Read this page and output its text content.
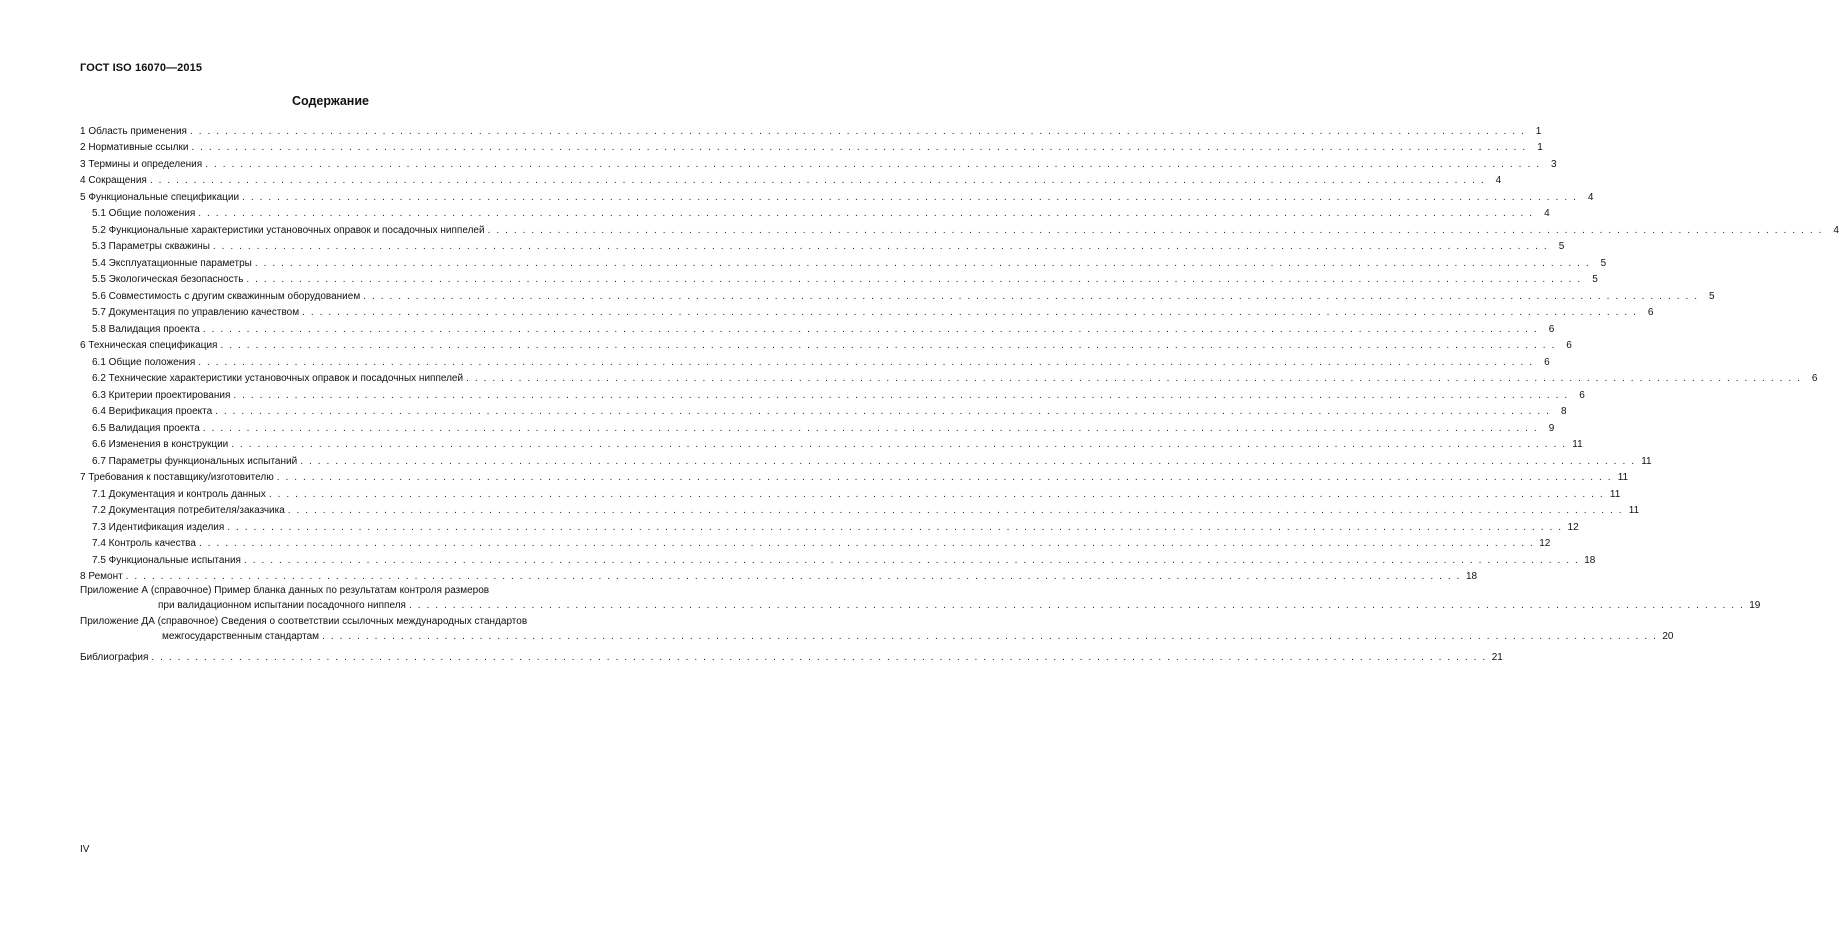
ГОСТ ISO 16070—2015
Содержание
1 Область применения . . . . . . . . . . . . . . . . . . . . . . . . . . . . . . . . . . . . . . . . . . . . . . . . . . . . . . . . . . . . . . . . . . . . . . . . . . . . . . . . . . . . . . . . . . . . . . . . . . . . . . . . . . . . . . . . . . . . . . . . . . . . . . . . . . . . . . . . . . . . . . . . . . . . . . . . .	1
2 Нормативные ссылки . . . . . . . . . . . . . . . . . . . . . . . . . . . . . . . . . . . . . . . . . . . . . . . . . . . . . . . . . . . . . . . . . . . . . . . . . . . . . . . . . . . . . . . . . . . . . . . . . . . . . . . . . . . . . . . . . . . . . . . . . . . . . . . . . . . . . . . . . . . . . . . . . . . . . . . . .	1
3 Термины и определения . . . . . . . . . . . . . . . . . . . . . . . . . . . . . . . . . . . . . . . . . . . . . . . . . . . . . . . . . . . . . . . . . . . . . . . . . . . . . . . . . . . . . . . . . . . . . . . . . . . . . . . . . . . . . . . . . . . . . . . . . . . . . . . . . . . . . . . . . . . . . . . . . . . . . . . . .	3
4 Сокращения . . . . . . . . . . . . . . . . . . . . . . . . . . . . . . . . . . . . . . . . . . . . . . . . . . . . . . . . . . . . . . . . . . . . . . . . . . . . . . . . . . . . . . . . . . . . . . . . . . . . . . . . . . . . . . . . . . . . . . . . . . . . . . . . . . . . . . . . . . . . . . . . . . . . . . . . .	4
5 Функциональные спецификации . . . . . . . . . . . . . . . . . . . . . . . . . . . . . . . . . . . . . . . . . . . . . . . . . . . . . . . . . . . . . . . . . . . . . . . . . . . . . . . . . . . . . . . . . . . . . . . . . . . . . . . . . . . . . . . . . . . . . . . . . . . . . . . . . . . . . . . . . . . . . . . . . . . . . . . . .	4
5.1 Общие положения . . . . . . . . . . . . . . . . . . . . . . . . . . . . . . . . . . . . . . . . . . . . . . . . . . . . . . . . . . . . . . . . . . . . . . . . . . . . . . . . . . . . . . . . . . . . . . . . . . . . . . . . . . . . . . . . . . . . . . . . . . . . . . . . . . . . . . . . . . . . . . . . . . . . . . . . .	4
5.2 Функциональные характеристики установочных оправок и посадочных ниппелей . . . . . . . . . . . . . . . . . . . . . . . . . . . . . . . . . . . . . . . . . . . . . . . . . . . . . . . . . . . . . . . . . . . . . . . . . . . . . . . . . . . . . . . . . . . . . . . . . . . . . . . . . . . . . . . . . . . . . . . . . . . . . . . . . . . . . . . . . . . . . . . . . . . . . . . . .	4
5.3 Параметры скважины . . . . . . . . . . . . . . . . . . . . . . . . . . . . . . . . . . . . . . . . . . . . . . . . . . . . . . . . . . . . . . . . . . . . . . . . . . . . . . . . . . . . . . . . . . . . . . . . . . . . . . . . . . . . . . . . . . . . . . . . . . . . . . . . . . . . . . . . . . . . . . . . . . . . . . . . .	5
5.4 Эксплуатационные параметры . . . . . . . . . . . . . . . . . . . . . . . . . . . . . . . . . . . . . . . . . . . . . . . . . . . . . . . . . . . . . . . . . . . . . . . . . . . . . . . . . . . . . . . . . . . . . . . . . . . . . . . . . . . . . . . . . . . . . . . . . . . . . . . . . . . . . . . . . . . . . . . . . . . . . . . . .	5
5.5 Экологическая безопасность . . . . . . . . . . . . . . . . . . . . . . . . . . . . . . . . . . . . . . . . . . . . . . . . . . . . . . . . . . . . . . . . . . . . . . . . . . . . . . . . . . . . . . . . . . . . . . . . . . . . . . . . . . . . . . . . . . . . . . . . . . . . . . . . . . . . . . . . . . . . . . . . . . . . . . . . .	5
5.6 Совместимость с другим скважинным оборудованием . . . . . . . . . . . . . . . . . . . . . . . . . . . . . . . . . . . . . . . . . . . . . . . . . . . . . . . . . . . . . . . . . . . . . . . . . . . . . . . . . . . . . . . . . . . . . . . . . . . . . . . . . . . . . . . . . . . . . . . . . . . . . . . . . . . . . . . . . . . . . . . . . . . . . . . . .	5
5.7 Документация по управлению качеством . . . . . . . . . . . . . . . . . . . . . . . . . . . . . . . . . . . . . . . . . . . . . . . . . . . . . . . . . . . . . . . . . . . . . . . . . . . . . . . . . . . . . . . . . . . . . . . . . . . . . . . . . . . . . . . . . . . . . . . . . . . . . . . . . . . . . . . . . . . . . . . . . . . . . . . . .	6
5.8 Валидация проекта . . . . . . . . . . . . . . . . . . . . . . . . . . . . . . . . . . . . . . . . . . . . . . . . . . . . . . . . . . . . . . . . . . . . . . . . . . . . . . . . . . . . . . . . . . . . . . . . . . . . . . . . . . . . . . . . . . . . . . . . . . . . . . . . . . . . . . . . . . . . . . . . . . . . . . . . .	6
6 Техническая спецификация . . . . . . . . . . . . . . . . . . . . . . . . . . . . . . . . . . . . . . . . . . . . . . . . . . . . . . . . . . . . . . . . . . . . . . . . . . . . . . . . . . . . . . . . . . . . . . . . . . . . . . . . . . . . . . . . . . . . . . . . . . . . . . . . . . . . . . . . . . . . . . . . . . . . . . . . .	6
6.1 Общие положения . . . . . . . . . . . . . . . . . . . . . . . . . . . . . . . . . . . . . . . . . . . . . . . . . . . . . . . . . . . . . . . . . . . . . . . . . . . . . . . . . . . . . . . . . . . . . . . . . . . . . . . . . . . . . . . . . . . . . . . . . . . . . . . . . . . . . . . . . . . . . . . . . . . . . . . . .	6
6.2 Технические характеристики установочных оправок и посадочных ниппелей . . . . . . . . . . . . . . . . . . . . . . . . . . . . . . . . . . . . . . . . . . . . . . . . . . . . . . . . . . . . . . . . . . . . . . . . . . . . . . . . . . . . . . . . . . . . . . . . . . . . . . . . . . . . . . . . . . . . . . . . . . . . . . . . . . . . . . . . . . . . . . . . . . . . . . . . .	6
6.3 Критерии проектирования . . . . . . . . . . . . . . . . . . . . . . . . . . . . . . . . . . . . . . . . . . . . . . . . . . . . . . . . . . . . . . . . . . . . . . . . . . . . . . . . . . . . . . . . . . . . . . . . . . . . . . . . . . . . . . . . . . . . . . . . . . . . . . . . . . . . . . . . . . . . . . . . . . . . . . . . .	6
6.4 Верификация проекта . . . . . . . . . . . . . . . . . . . . . . . . . . . . . . . . . . . . . . . . . . . . . . . . . . . . . . . . . . . . . . . . . . . . . . . . . . . . . . . . . . . . . . . . . . . . . . . . . . . . . . . . . . . . . . . . . . . . . . . . . . . . . . . . . . . . . . . . . . . . . . . . . . . . . . . . .	8
6.5 Валидация проекта . . . . . . . . . . . . . . . . . . . . . . . . . . . . . . . . . . . . . . . . . . . . . . . . . . . . . . . . . . . . . . . . . . . . . . . . . . . . . . . . . . . . . . . . . . . . . . . . . . . . . . . . . . . . . . . . . . . . . . . . . . . . . . . . . . . . . . . . . . . . . . . . . . . . . . . . .	9
6.6 Изменения в конструкции . . . . . . . . . . . . . . . . . . . . . . . . . . . . . . . . . . . . . . . . . . . . . . . . . . . . . . . . . . . . . . . . . . . . . . . . . . . . . . . . . . . . . . . . . . . . . . . . . . . . . . . . . . . . . . . . . . . . . . . . . . . . . . . . . . . . . . . . . . . . . . . . . . . . . . . . . 11
6.7 Параметры функциональных испытаний . . . . . . . . . . . . . . . . . . . . . . . . . . . . . . . . . . . . . . . . . . . . . . . . . . . . . . . . . . . . . . . . . . . . . . . . . . . . . . . . . . . . . . . . . . . . . . . . . . . . . . . . . . . . . . . . . . . . . . . . . . . . . . . . . . . . . . . . . . . . . . . . . . . . . . . . . 11
7 Требования к поставщику/изготовителю . . . . . . . . . . . . . . . . . . . . . . . . . . . . . . . . . . . . . . . . . . . . . . . . . . . . . . . . . . . . . . . . . . . . . . . . . . . . . . . . . . . . . . . . . . . . . . . . . . . . . . . . . . . . . . . . . . . . . . . . . . . . . . . . . . . . . . . . . . . . . . . . . . . . . . . . . 11
7.1 Документация и контроль данных . . . . . . . . . . . . . . . . . . . . . . . . . . . . . . . . . . . . . . . . . . . . . . . . . . . . . . . . . . . . . . . . . . . . . . . . . . . . . . . . . . . . . . . . . . . . . . . . . . . . . . . . . . . . . . . . . . . . . . . . . . . . . . . . . . . . . . . . . . . . . . . . . . . . . . . . . 11
7.2 Документация потребителя/заказчика . . . . . . . . . . . . . . . . . . . . . . . . . . . . . . . . . . . . . . . . . . . . . . . . . . . . . . . . . . . . . . . . . . . . . . . . . . . . . . . . . . . . . . . . . . . . . . . . . . . . . . . . . . . . . . . . . . . . . . . . . . . . . . . . . . . . . . . . . . . . . . . . . . . . . . . . . 11
7.3 Идентификация изделия . . . . . . . . . . . . . . . . . . . . . . . . . . . . . . . . . . . . . . . . . . . . . . . . . . . . . . . . . . . . . . . . . . . . . . . . . . . . . . . . . . . . . . . . . . . . . . . . . . . . . . . . . . . . . . . . . . . . . . . . . . . . . . . . . . . . . . . . . . . . . . . . . . . . . . . . . 12
7.4 Контроль качества . . . . . . . . . . . . . . . . . . . . . . . . . . . . . . . . . . . . . . . . . . . . . . . . . . . . . . . . . . . . . . . . . . . . . . . . . . . . . . . . . . . . . . . . . . . . . . . . . . . . . . . . . . . . . . . . . . . . . . . . . . . . . . . . . . . . . . . . . . . . . . . . . . . . . . . . . 12
7.5 Функциональные испытания . . . . . . . . . . . . . . . . . . . . . . . . . . . . . . . . . . . . . . . . . . . . . . . . . . . . . . . . . . . . . . . . . . . . . . . . . . . . . . . . . . . . . . . . . . . . . . . . . . . . . . . . . . . . . . . . . . . . . . . . . . . . . . . . . . . . . . . . . . . . . . . . . . . . . . . . . 18
8 Ремонт . . . . . . . . . . . . . . . . . . . . . . . . . . . . . . . . . . . . . . . . . . . . . . . . . . . . . . . . . . . . . . . . . . . . . . . . . . . . . . . . . . . . . . . . . . . . . . . . . . . . . . . . . . . . . . . . . . . . . . . . . . . . . . . . . . . . . . . . . . . . . . . . . . . . . . . . . 18
Приложение А (справочное) Пример бланка данных по результатам контроля размеров
при валидационном испытании посадочного ниппеля . . . . . . . . . . . . . . . . . . . . . . . . . . . . . . . . . . . . . . . . . . . . . . . . . . . . . . . . . . . . . . . . . . . . . . . . . . . . . . . . . . . . . . . . . . . . . . . . . . . . . . . . . . . . . . . . . . . . . . . . . . . . . . . . . . . . . . . . . . . . . . . . . . . . . . . . . 19
Приложение ДА (справочное) Сведения о соответствии ссылочных международных стандартов
межгосударственным стандартам . . . . . . . . . . . . . . . . . . . . . . . . . . . . . . . . . . . . . . . . . . . . . . . . . . . . . . . . . . . . . . . . . . . . . . . . . . . . . . . . . . . . . . . . . . . . . . . . . . . . . . . . . . . . . . . . . . . . . . . . . . . . . . . . . . . . . . . . . . . . . . . . . . . . . . . . . 20
Библиография . . . . . . . . . . . . . . . . . . . . . . . . . . . . . . . . . . . . . . . . . . . . . . . . . . . . . . . . . . . . . . . . . . . . . . . . . . . . . . . . . . . . . . . . . . . . . . . . . . . . . . . . . . . . . . . . . . . . . . . . . . . . . . . . . . . . . . . . . . . . . . . . . . . . . . . . . 21
IV
